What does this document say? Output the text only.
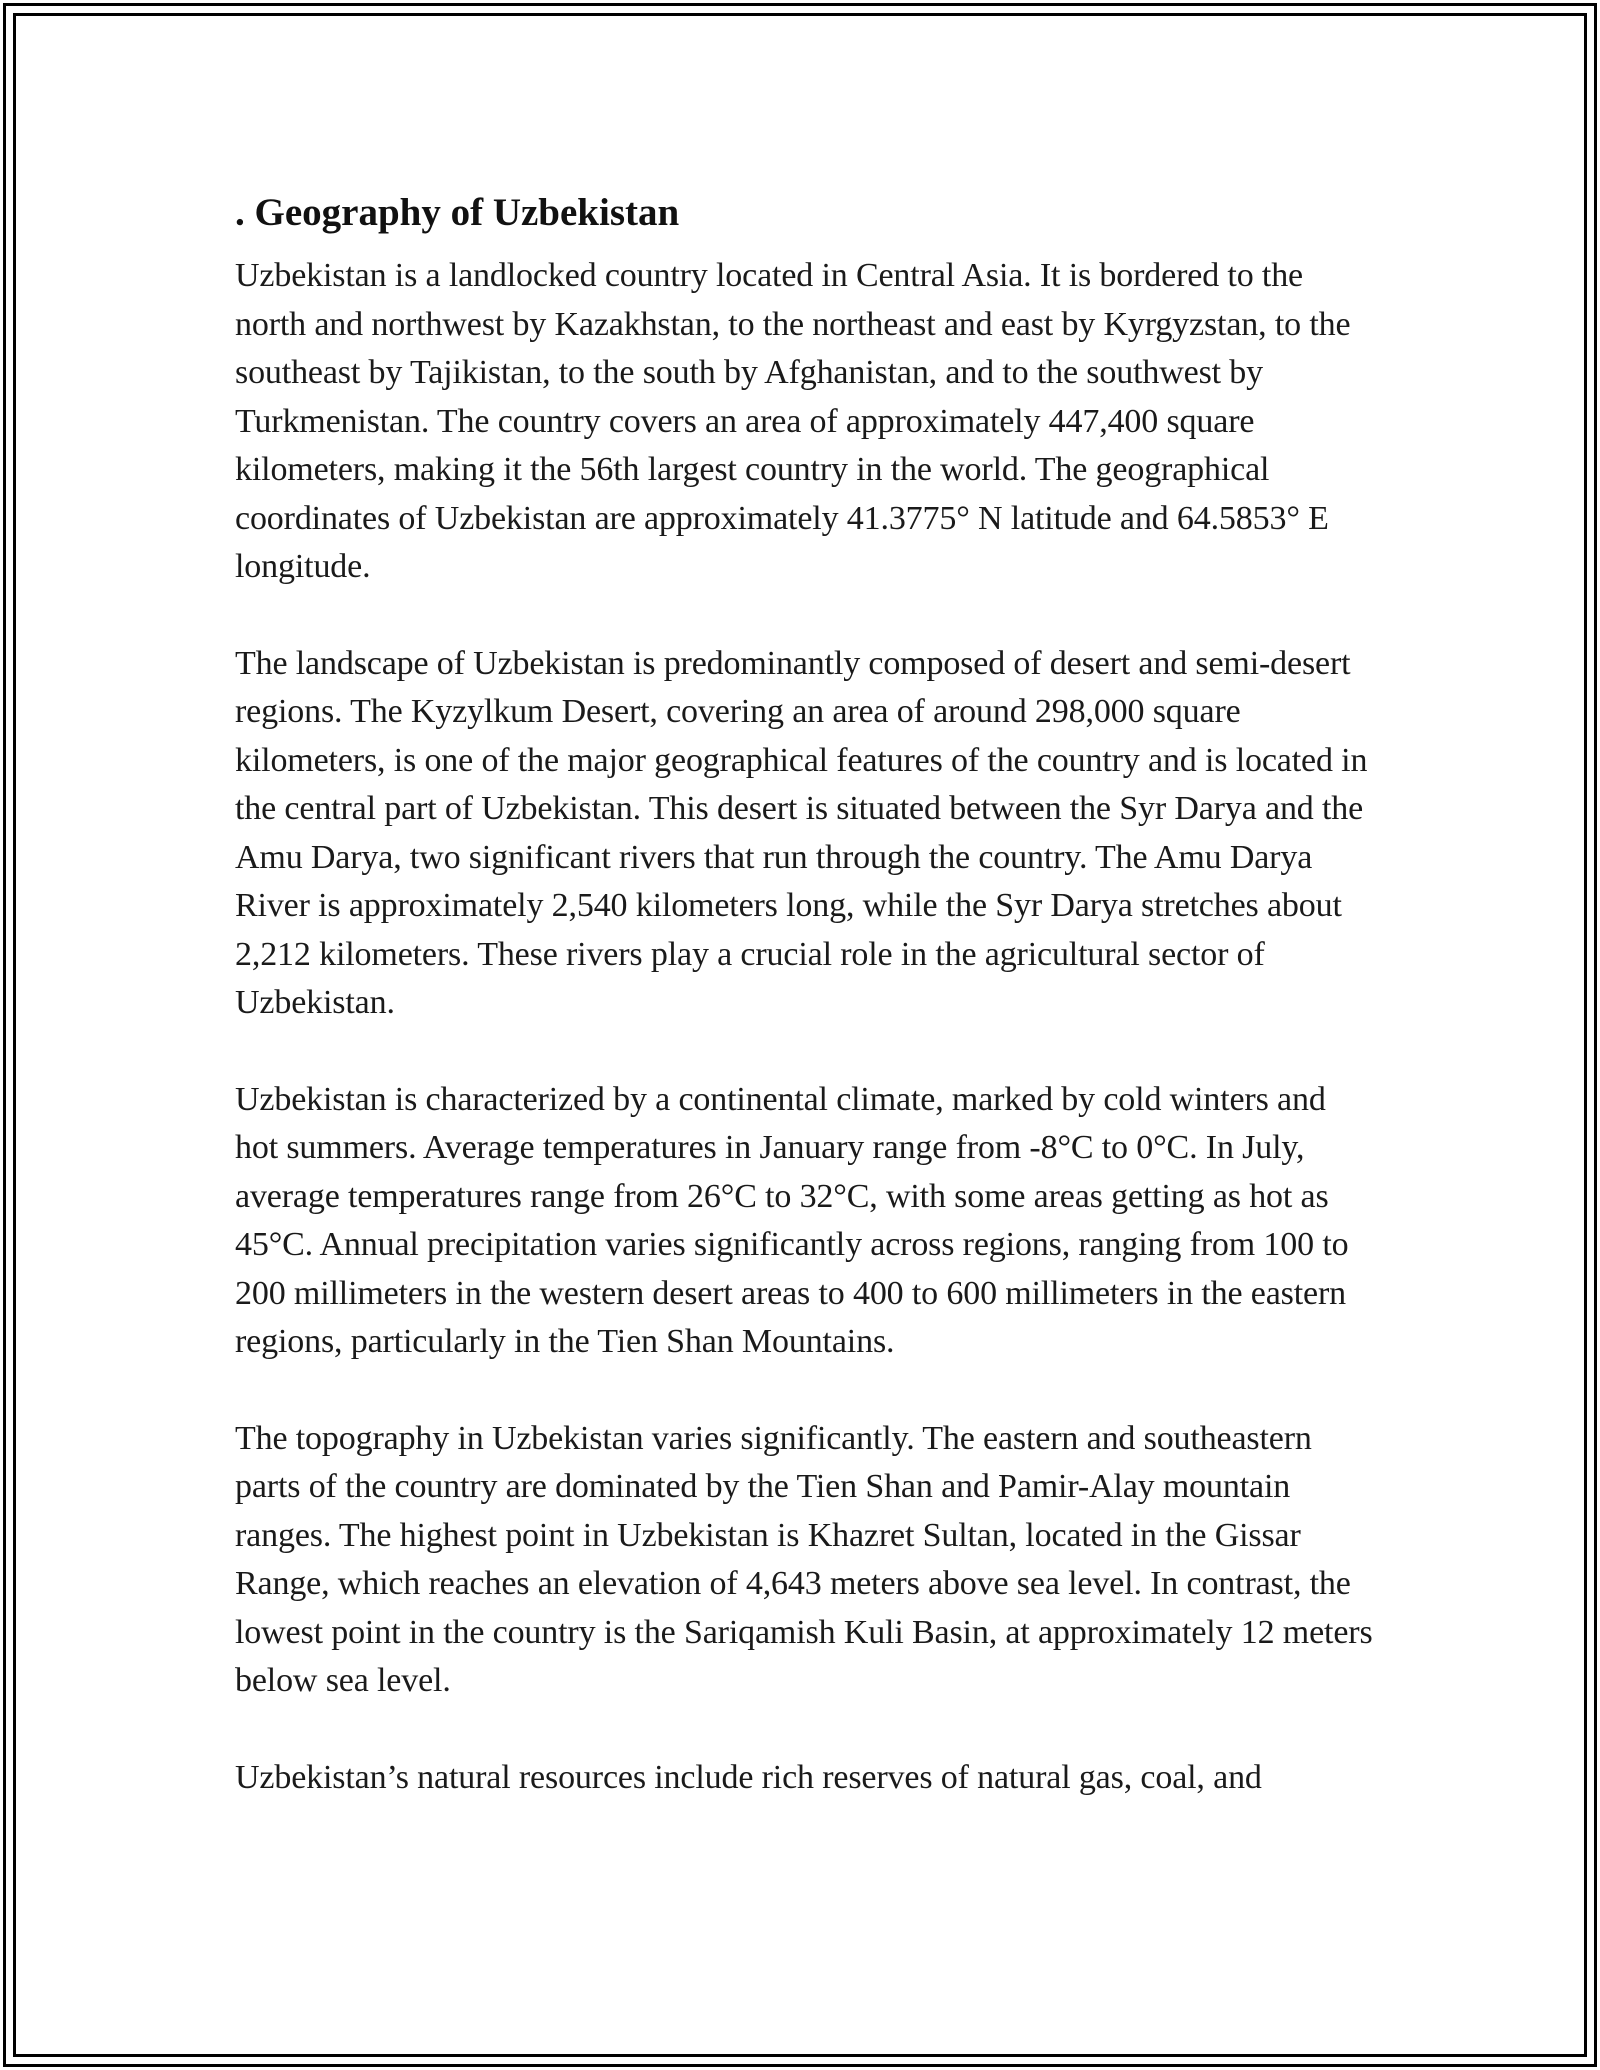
. Geography of Uzbekistan

Uzbekistan is a landlocked country located in Central Asia. It is bordered to the north and northwest by Kazakhstan, to the northeast and east by Kyrgyzstan, to the southeast by Tajikistan, to the south by Afghanistan, and to the southwest by Turkmenistan. The country covers an area of approximately 447,400 square kilometers, making it the 56th largest country in the world. The geographical coordinates of Uzbekistan are approximately 41.3775° N latitude and 64.5853° E longitude.

The landscape of Uzbekistan is predominantly composed of desert and semi-desert regions. The Kyzylkum Desert, covering an area of around 298,000 square kilometers, is one of the major geographical features of the country and is located in the central part of Uzbekistan. This desert is situated between the Syr Darya and the Amu Darya, two significant rivers that run through the country. The Amu Darya River is approximately 2,540 kilometers long, while the Syr Darya stretches about 2,212 kilometers. These rivers play a crucial role in the agricultural sector of Uzbekistan.

Uzbekistan is characterized by a continental climate, marked by cold winters and hot summers. Average temperatures in January range from -8°C to 0°C. In July, average temperatures range from 26°C to 32°C, with some areas getting as hot as 45°C. Annual precipitation varies significantly across regions, ranging from 100 to 200 millimeters in the western desert areas to 400 to 600 millimeters in the eastern regions, particularly in the Tien Shan Mountains.

The topography in Uzbekistan varies significantly. The eastern and southeastern parts of the country are dominated by the Tien Shan and Pamir-Alay mountain ranges. The highest point in Uzbekistan is Khazret Sultan, located in the Gissar Range, which reaches an elevation of 4,643 meters above sea level. In contrast, the lowest point in the country is the Sariqamish Kuli Basin, at approximately 12 meters below sea level.

Uzbekistan’s natural resources include rich reserves of natural gas, coal, and
